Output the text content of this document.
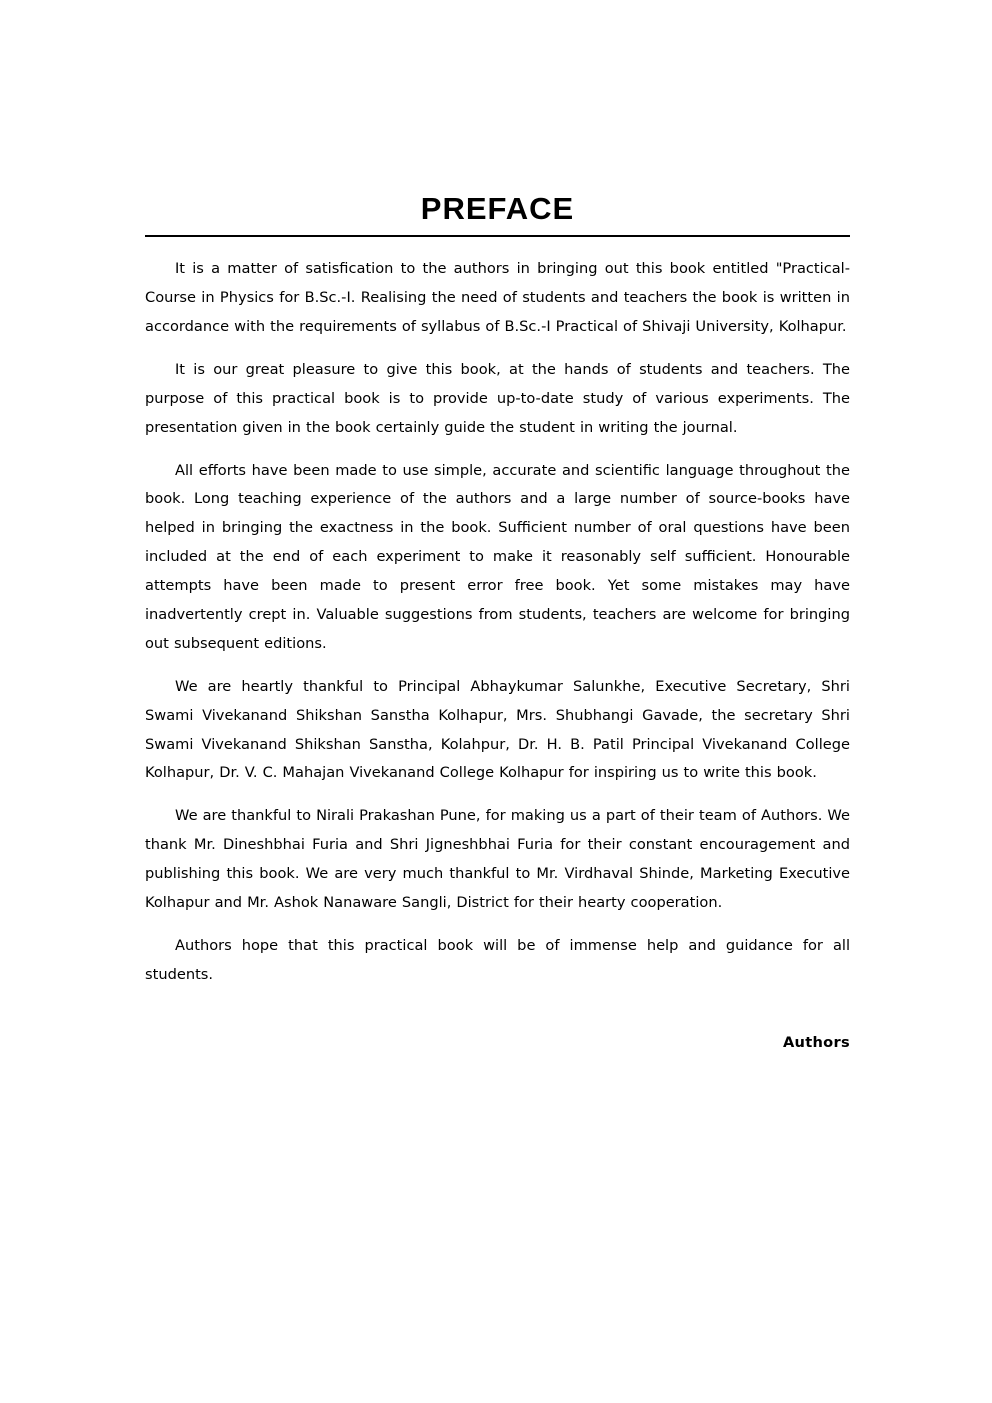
PREFACE

It is a matter of satisfication to the authors in bringing out this book entitled "Practical-Course in Physics for B.Sc.-I. Realising the need of students and teachers the book is written in accordance with the requirements of syllabus of B.Sc.-I Practical of Shivaji University, Kolhapur.

It is our great pleasure to give this book, at the hands of students and teachers. The purpose of this practical book is to provide up-to-date study of various experiments. The presentation given in the book certainly guide the student in writing the journal.

All efforts have been made to use simple, accurate and scientific language throughout the book. Long teaching experience of the authors and a large number of source-books have helped in bringing the exactness in the book. Sufficient number of oral questions have been included at the end of each experiment to make it reasonably self sufficient. Honourable attempts have been made to present error free book. Yet some mistakes may have inadvertently crept in. Valuable suggestions from students, teachers are welcome for bringing out subsequent editions.

We are heartly thankful to Principal Abhaykumar Salunkhe, Executive Secretary, Shri Swami Vivekanand Shikshan Sanstha Kolhapur, Mrs. Shubhangi Gavade, the secretary Shri Swami Vivekanand Shikshan Sanstha, Kolahpur, Dr. H. B. Patil Principal Vivekanand College Kolhapur, Dr. V. C. Mahajan Vivekanand College Kolhapur for inspiring us to write this book.

We are thankful to Nirali Prakashan Pune, for making us a part of their team of Authors. We thank Mr. Dineshbhai Furia and Shri Jigneshbhai Furia for their constant encouragement and publishing this book. We are very much thankful to Mr. Virdhaval Shinde, Marketing Executive Kolhapur and Mr. Ashok Nanaware Sangli, District for their hearty cooperation.

Authors hope that this practical book will be of immense help and guidance for all students.

Authors
